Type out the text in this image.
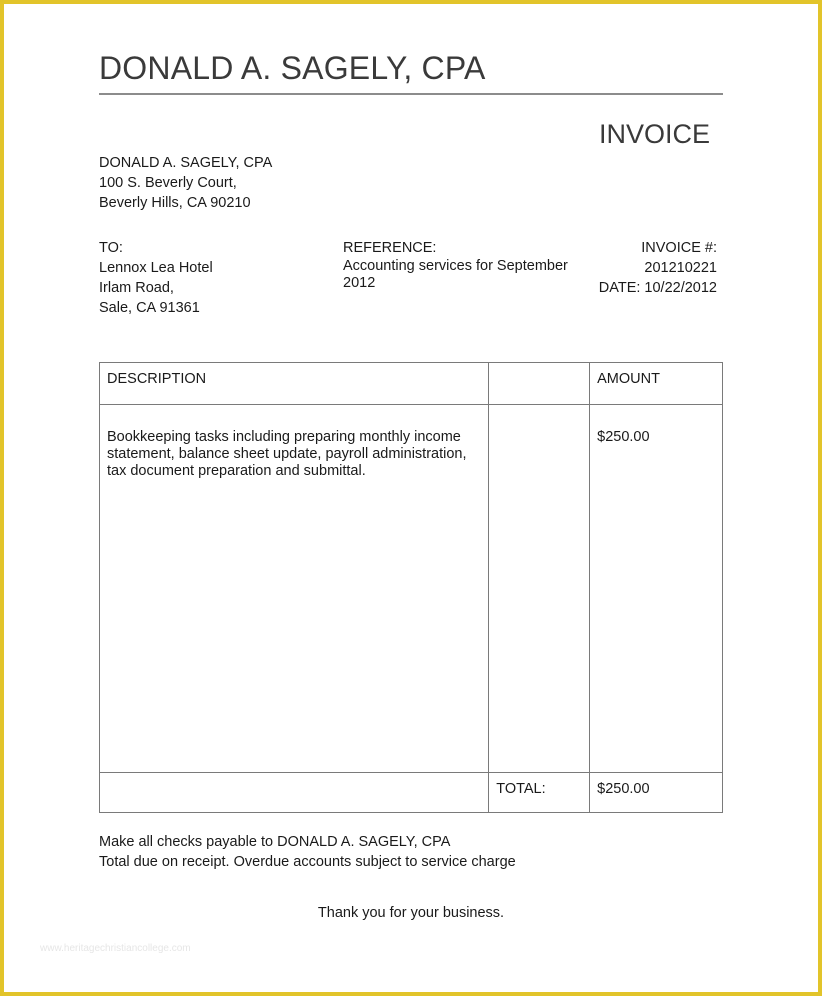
DONALD A. SAGELY, CPA
INVOICE
DONALD A. SAGELY, CPA
100 S. Beverly Court,
Beverly Hills, CA 90210
TO:
Lennox Lea Hotel
Irlam Road,
Sale, CA 91361
REFERENCE:
Accounting services for September 2012
INVOICE #:
201210221
DATE: 10/22/2012
DESCRIPTION		AMOUNT
Bookkeeping tasks including preparing monthly income statement, balance sheet update, payroll administration, tax document preparation and submittal.		$250.00
	TOTAL:	$250.00
Make all checks payable to DONALD A. SAGELY, CPA
Total due on receipt. Overdue accounts subject to service charge
Thank you for your business.
www.heritagechristiancollege.com
